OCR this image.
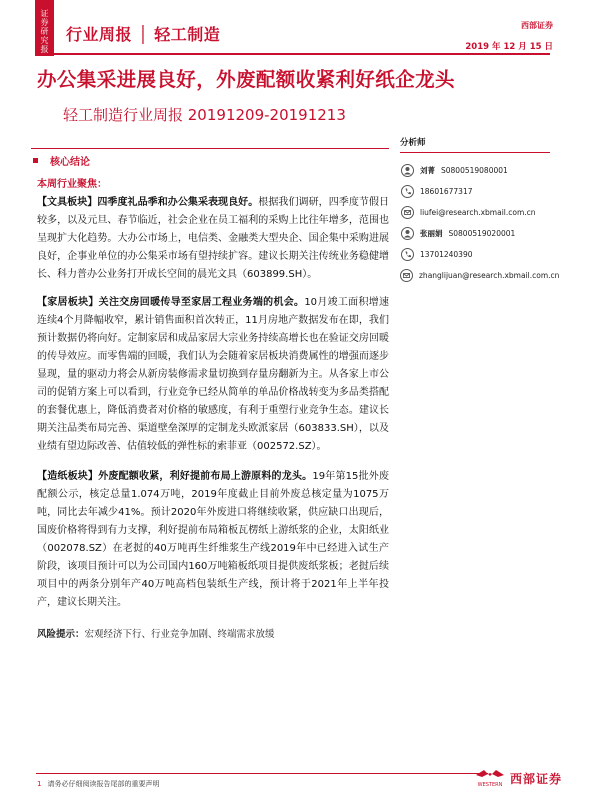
证券研究报告	行业周报 │ 轻工制造	西部证券
2019 年 12 月 15 日
办公集采进展良好，外废配额收紧利好纸企龙头
轻工制造行业周报 20191209-20191213
核心结论
本周行业聚焦：

【文具板块】四季度礼品季和办公集采表现良好。根据我们调研，四季度节假日较多，以及元旦、春节临近，社会企业在员工福利的采购上比往年增多，范围也呈现扩大化趋势。大办公市场上，电信类、金融类大型央企、国企集中采购进展良好，企事业单位的办公集采市场有望持续扩容。建议长期关注传统业务稳健增长、科力普办公业务打开成长空间的晨光文具（603899.SH）。

【家居板块】关注交房回暖传导至家居工程业务端的机会。10月竣工面积增速连续4个月降幅收窄，累计销售面积首次转正，11月房地产数据发布在即，我们预计数据仍将向好。定制家居和成品家居大宗业务持续高增长也在验证交房回暖的传导效应。而零售端的回暖，我们认为会随着家居板块消费属性的增强而逐步显现，量的驱动力将会从新房装修需求量切换到存量房翻新为主。从各家上市公司的促销方案上可以看到，行业竞争已经从简单的单品价格战转变为多品类搭配的套餐优惠上，降低消费者对价格的敏感度，有利于重塑行业竞争生态。建议长期关注品类布局完善、渠道壁垒深厚的定制龙头欧派家居（603833.SH），以及业绩有望边际改善、估值较低的弹性标的索菲亚（002572.SZ）。

【造纸板块】外废配额收紧，利好提前布局上游原料的龙头。19年第15批外废配额公示，核定总量1.074万吨，2019年度截止目前外废总核定量为1075万吨，同比去年减少41%。预计2020年外废进口将继续收紧，供应缺口出现后，国废价格将得到有力支撑，利好提前布局箱板瓦楞纸上游纸浆的企业，太阳纸业（002078.SZ）在老挝的40万吨再生纤维浆生产线2019年中已经进入试生产阶段，该项目预计可以为公司国内160万吨箱板纸项目提供废纸浆板；老挝后续项目中的两条分别年产40万吨高档包装纸生产线，预计将于2021年上半年投产，建议长期关注。

风险提示：宏观经济下行、行业竞争加剧、终端需求放缓
分析师
刘菁 S0800519080001
18601677317
liufei@research.xbmail.com.cn
张丽娟 S0800519020001
13701240390
zhanglijuan@research.xbmail.com.cn
1 请务必仔细阅读报告尾部的重要声明	WESTERN 西部证券
